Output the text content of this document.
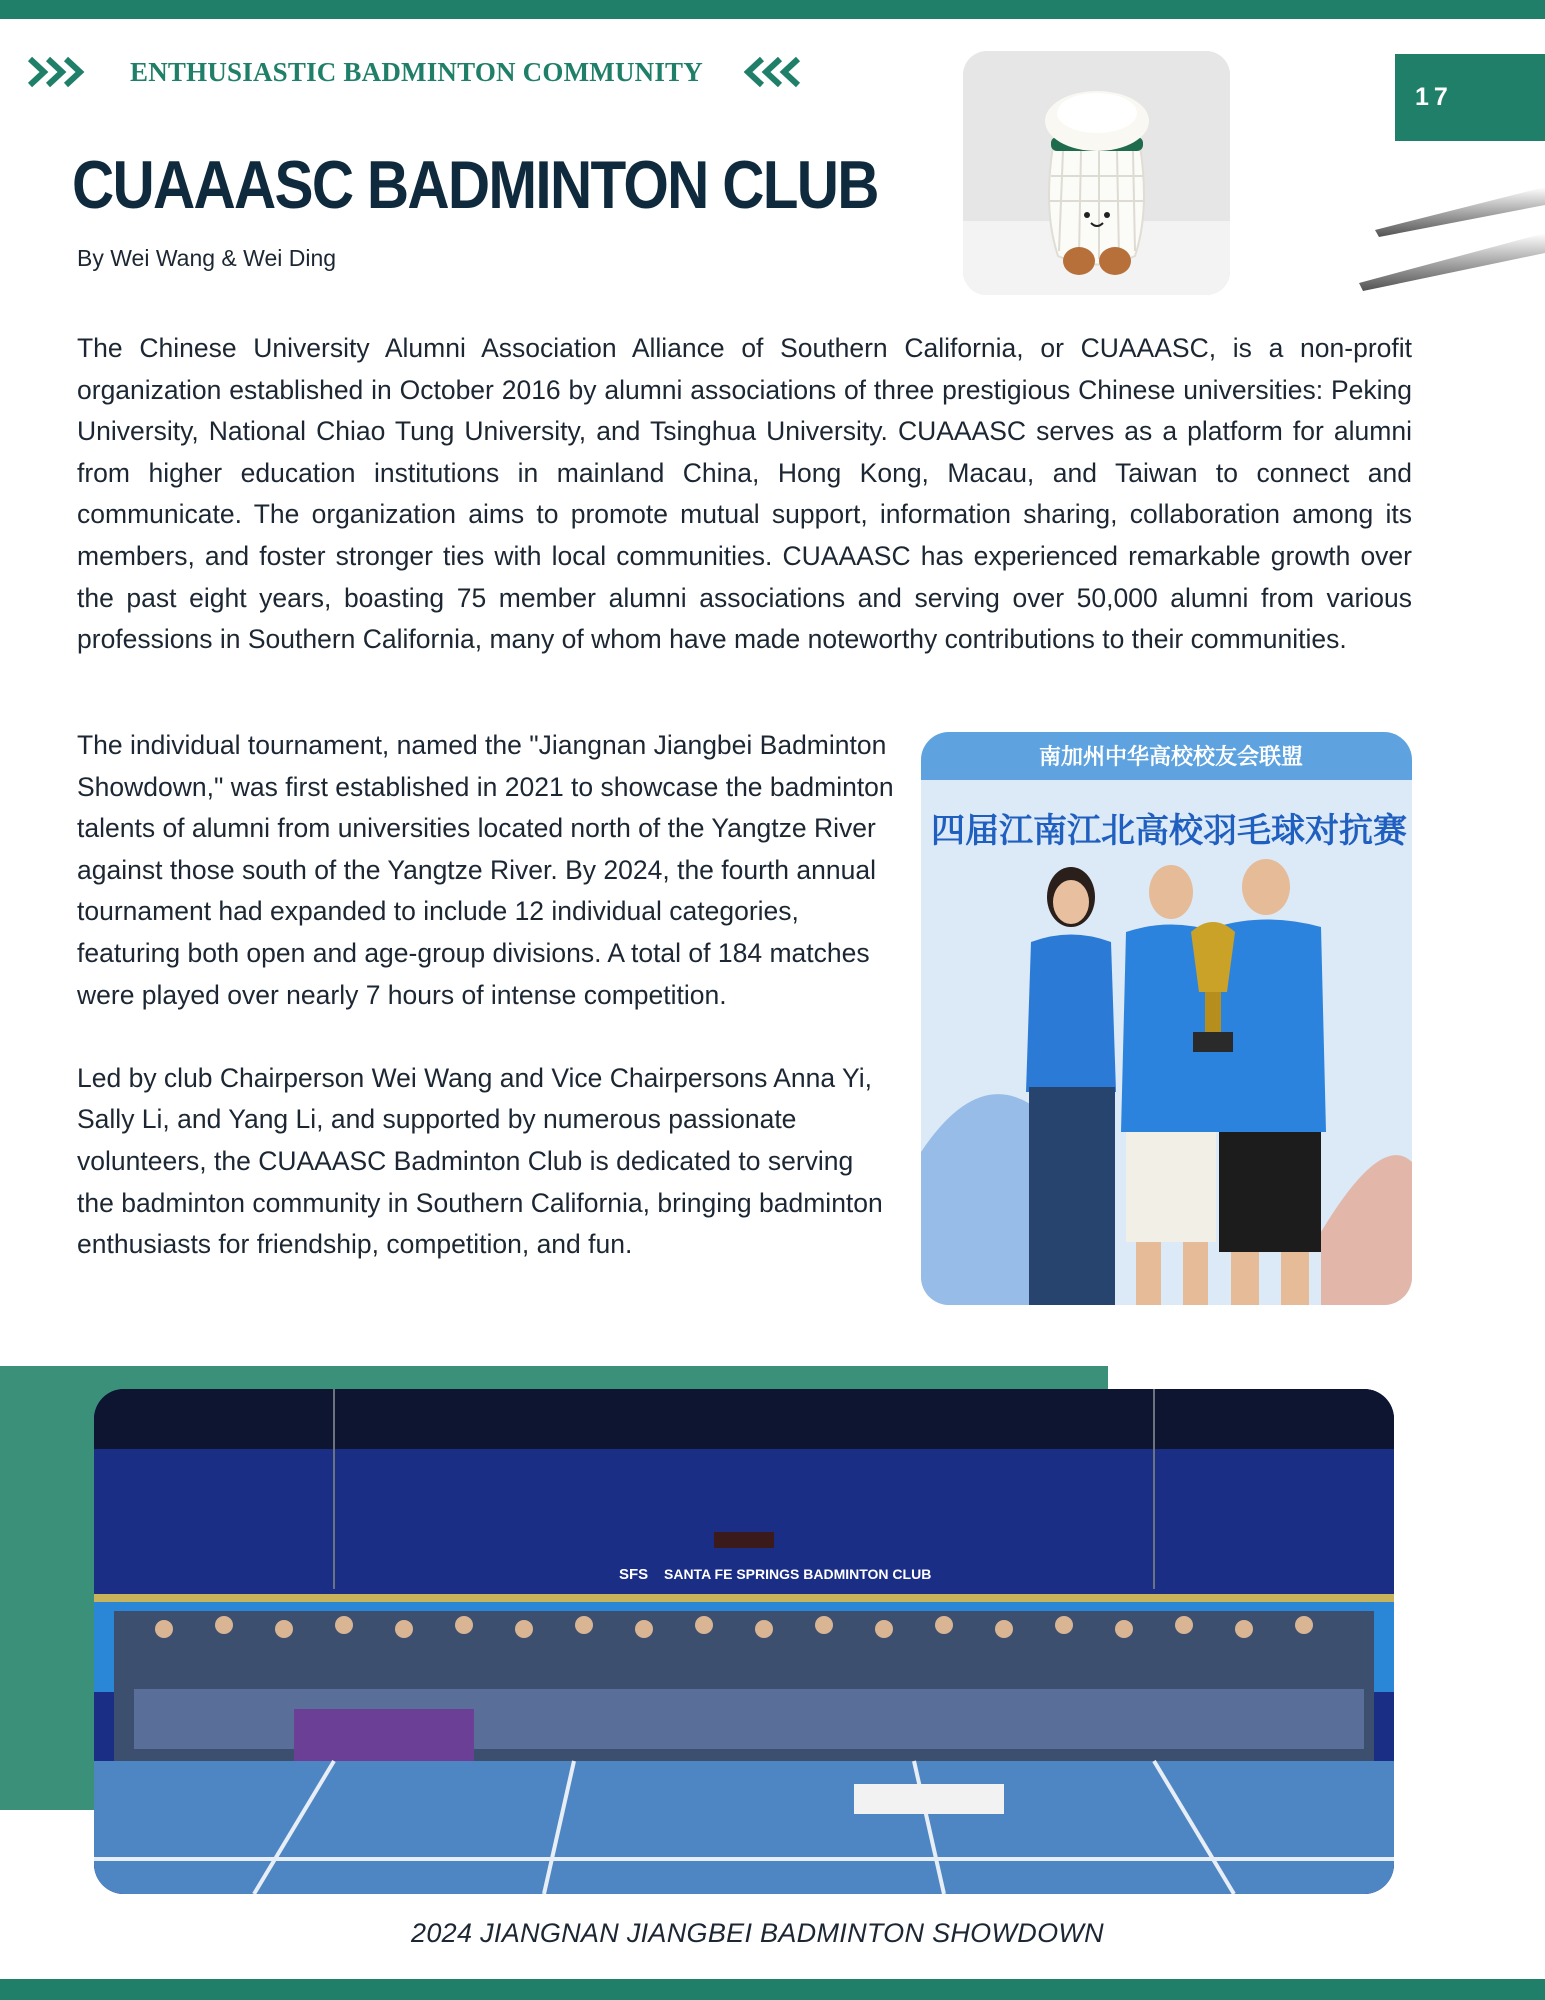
ENTHUSIASTIC BADMINTON COMMUNITY
17
CUAAASC BADMINTON CLUB
By Wei Wang & Wei Ding
The Chinese University Alumni Association Alliance of Southern California, or CUAAASC, is a non-profit organization established in October 2016 by alumni associations of three prestigious Chinese universities: Peking University, National Chiao Tung University, and Tsinghua University. CUAAASC serves as a platform for alumni from higher education institutions in mainland China, Hong Kong, Macau, and Taiwan to connect and communicate. The organization aims to promote mutual support, information sharing, collaboration among its members, and foster stronger ties with local communities. CUAAASC has experienced remarkable growth over the past eight years, boasting 75 member alumni associations and serving over 50,000 alumni from various professions in Southern California, many of whom have made noteworthy contributions to their communities.

The individual tournament, named the "Jiangnan Jiangbei Badminton Showdown," was first established in 2021 to showcase the badminton talents of alumni from universities located north of the Yangtze River against those south of the Yangtze River. By 2024, the fourth annual tournament had expanded to include 12 individual categories, featuring both open and age-group divisions. A total of 184 matches were played over nearly 7 hours of intense competition.

Led by club Chairperson Wei Wang and Vice Chairpersons Anna Yi, Sally Li, and Yang Li, and supported by numerous passionate volunteers, the CUAAASC Badminton Club is dedicated to serving the badminton community in Southern California, bringing badminton enthusiasts for friendship, competition, and fun.

南加州中华高校校友会联盟
四届江南江北高校羽毛球对抗赛
SFS SANTA FE SPRINGS BADMINTON CLUB
2024 JIANGNAN JIANGBEI BADMINTON SHOWDOWN
